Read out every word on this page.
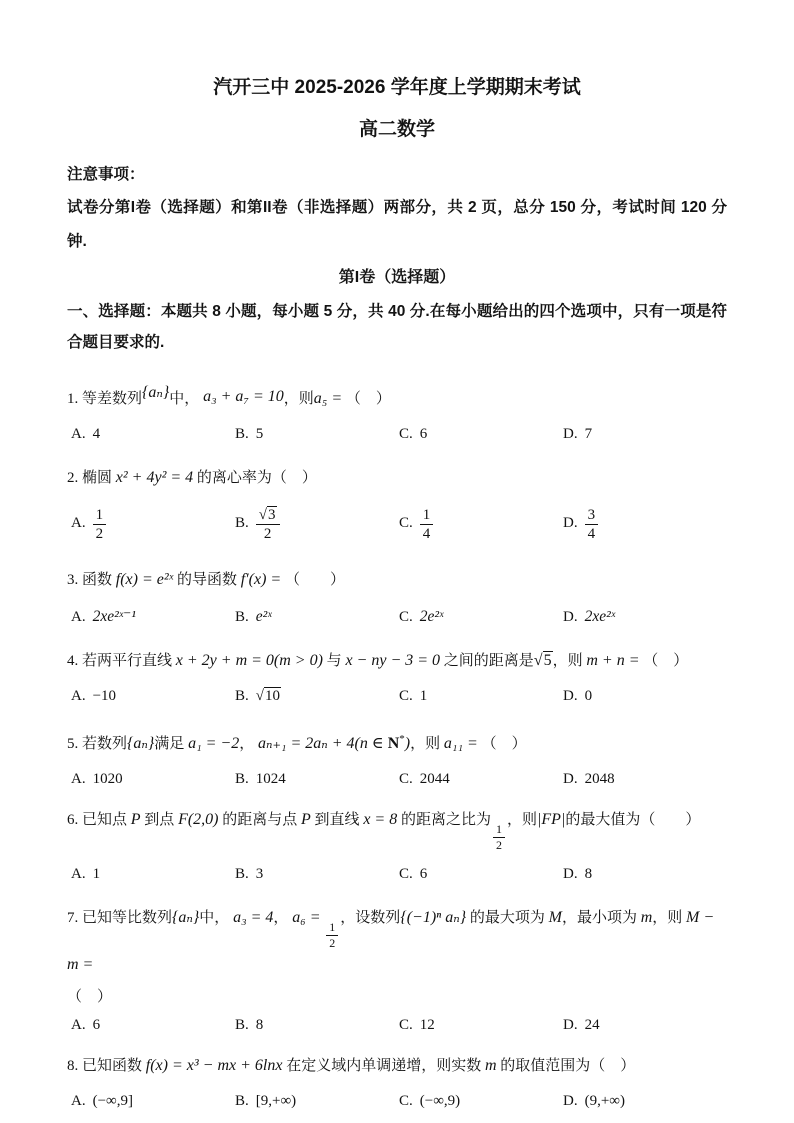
汽开三中 2025-2026 学年度上学期期末考试
高二数学
注意事项：
试卷分第I卷（选择题）和第II卷（非选择题）两部分，共 2 页，总分 150 分，考试时间 120 分钟.
第I卷（选择题）
一、选择题：本题共 8 小题，每小题 5 分，共 40 分.在每小题给出的四个选项中，只有一项是符合题目要求的.
1. 等差数列{aₙ}中， a₃ + a₇ = 10，则a₅ = （　）
A. 4	B. 5	C. 6	D. 7
2. 椭圆 x² + 4y² = 4 的离心率为（　）
A. $\frac{1}{2}$	B. $\frac{√3}{2}$	C. $\frac{1}{4}$	D. $\frac{3}{4}$
3. 函数 f(x) = e²ˣ 的导函数 f′(x) = （　　）
A. 2xe²ˣ⁻¹	B. e²ˣ	C. 2e²ˣ	D. 2xe²ˣ
4. 若两平行直线 x + 2y + m = 0(m > 0) 与 x − ny − 3 = 0 之间的距离是√5，则 m + n = （　）
A. −10	B. √10	C. 1	D. 0
5. 若数列{aₙ}满足 a₁ = −2， aₙ₊₁ = 2aₙ + 4(n ∈ N*)，则 a₁₁ = （　）
A. 1020	B. 1024	C. 2044	D. 2048
6. 已知点 P 到点 F(2,0) 的距离与点 P 到直线 x = 8 的距离之比为
$\frac{1}{2}$
，则|FP|的最大值为（　　）
A. 1	B. 3	C. 6	D. 8
7. 已知等比数列{aₙ}中， a₃ = 4， a₆ =
$\frac{1}{2}$
，设数列{(−1)ⁿ aₙ} 的最大项为 M，最小项为 m，则 M − m =
（　）
A. 6	B. 8	C. 12	D. 24
8. 已知函数 f(x) = x³ − mx + 6lnx 在定义域内单调递增，则实数 m 的取值范围为（　）
A. (−∞,9]	B. [9,+∞)	C. (−∞,9)	D. (9,+∞)
